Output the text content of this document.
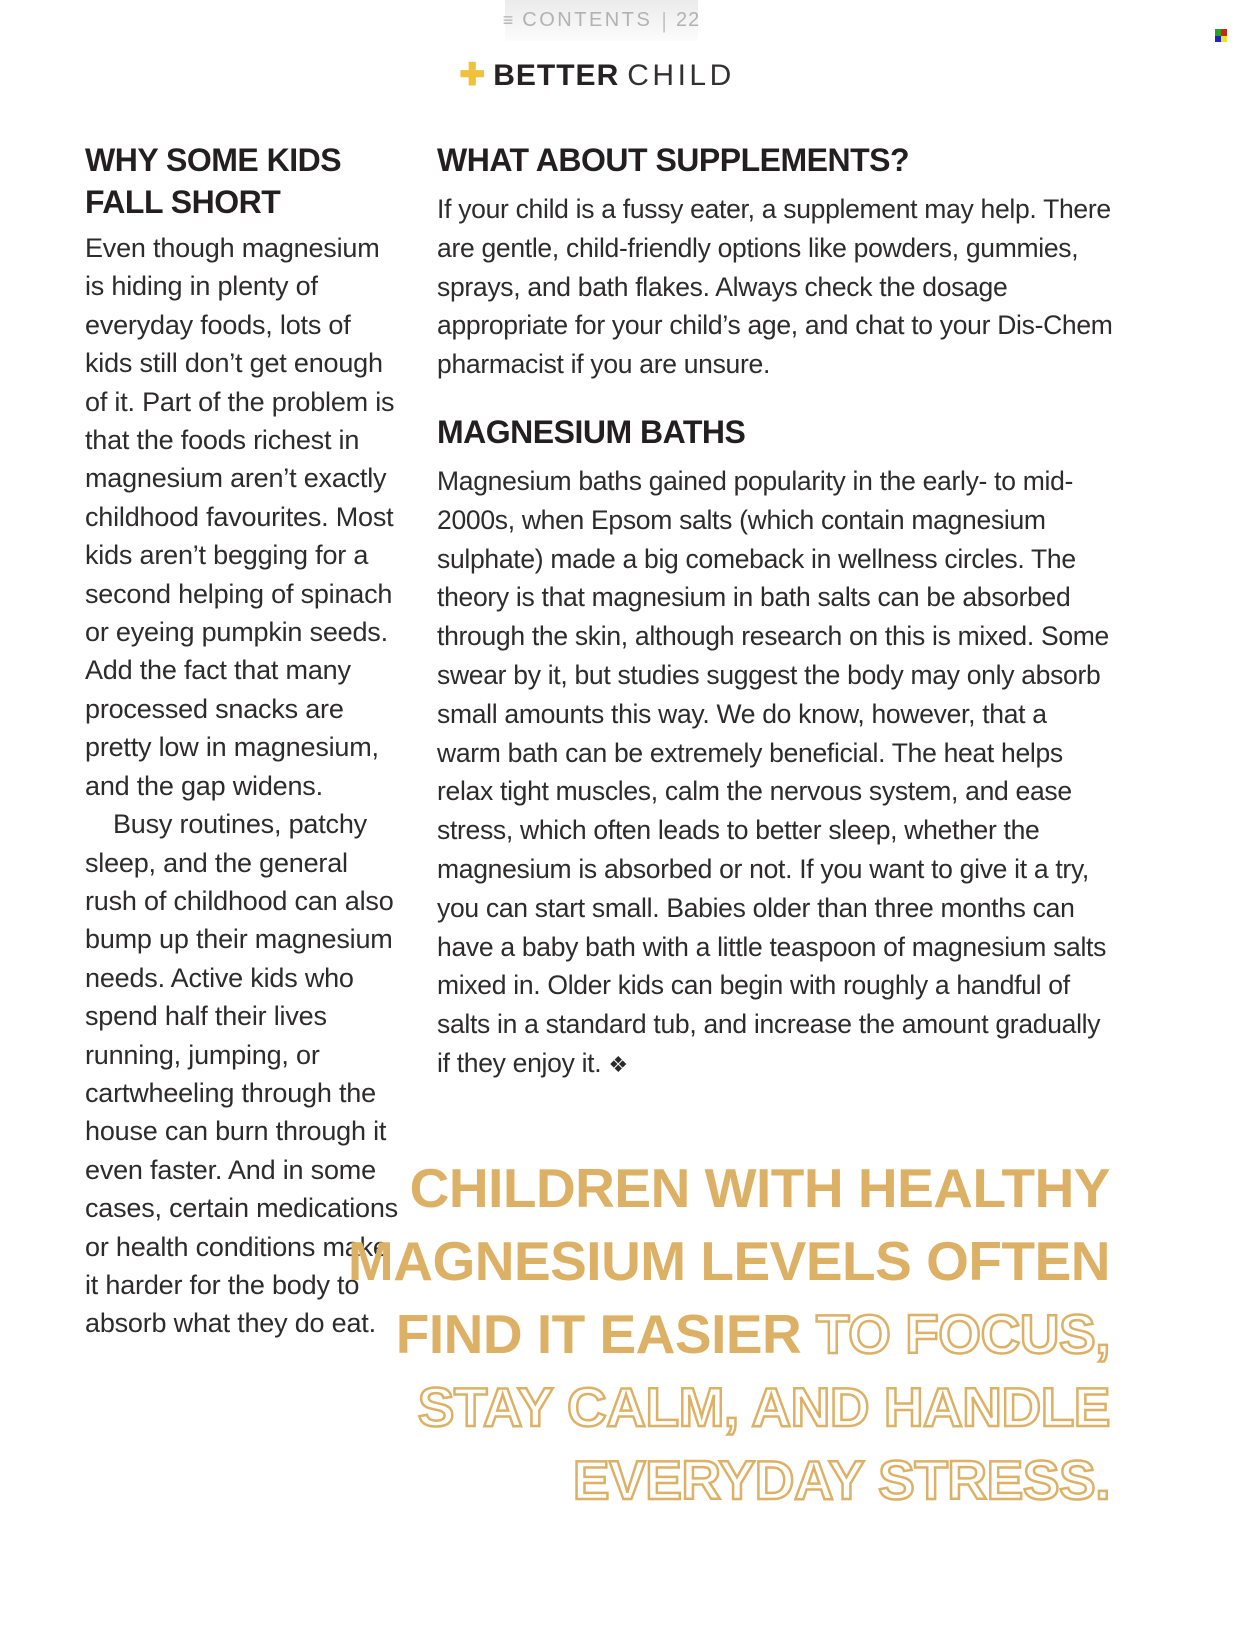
≡ CONTENTS | 22
✚ BETTER CHILD
WHY SOME KIDS FALL SHORT

Even though magnesium is hiding in plenty of everyday foods, lots of kids still don’t get enough of it. Part of the problem is that the foods richest in magnesium aren’t exactly childhood favourites. Most kids aren’t begging for a second helping of spinach or eyeing pumpkin seeds. Add the fact that many processed snacks are pretty low in magnesium, and the gap widens.

Busy routines, patchy sleep, and the general rush of childhood can also bump up their magnesium needs. Active kids who spend half their lives running, jumping, or cartwheeling through the house can burn through it even faster. And in some cases, certain medications or health conditions make it harder for the body to absorb what they do eat.

WHAT ABOUT SUPPLEMENTS?

If your child is a fussy eater, a supplement may help. There are gentle, child-friendly options like powders, gummies, sprays, and bath flakes. Always check the dosage appropriate for your child’s age, and chat to your Dis-Chem pharmacist if you are unsure.

MAGNESIUM BATHS

Magnesium baths gained popularity in the early- to mid-2000s, when Epsom salts (which contain magnesium sulphate) made a big comeback in wellness circles. The theory is that magnesium in bath salts can be absorbed through the skin, although research on this is mixed. Some swear by it, but studies suggest the body may only absorb small amounts this way. We do know, however, that a warm bath can be extremely beneficial. The heat helps relax tight muscles, calm the nervous system, and ease stress, which often leads to better sleep, whether the magnesium is absorbed or not. If you want to give it a try, you can start small. Babies older than three months can have a baby bath with a little teaspoon of magnesium salts mixed in. Older kids can begin with roughly a handful of salts in a standard tub, and increase the amount gradually if they enjoy it. ❖

CHILDREN WITH HEALTHY
MAGNESIUM LEVELS OFTEN
FIND IT EASIER TO FOCUS,
STAY CALM, AND HANDLE
EVERYDAY STRESS.
